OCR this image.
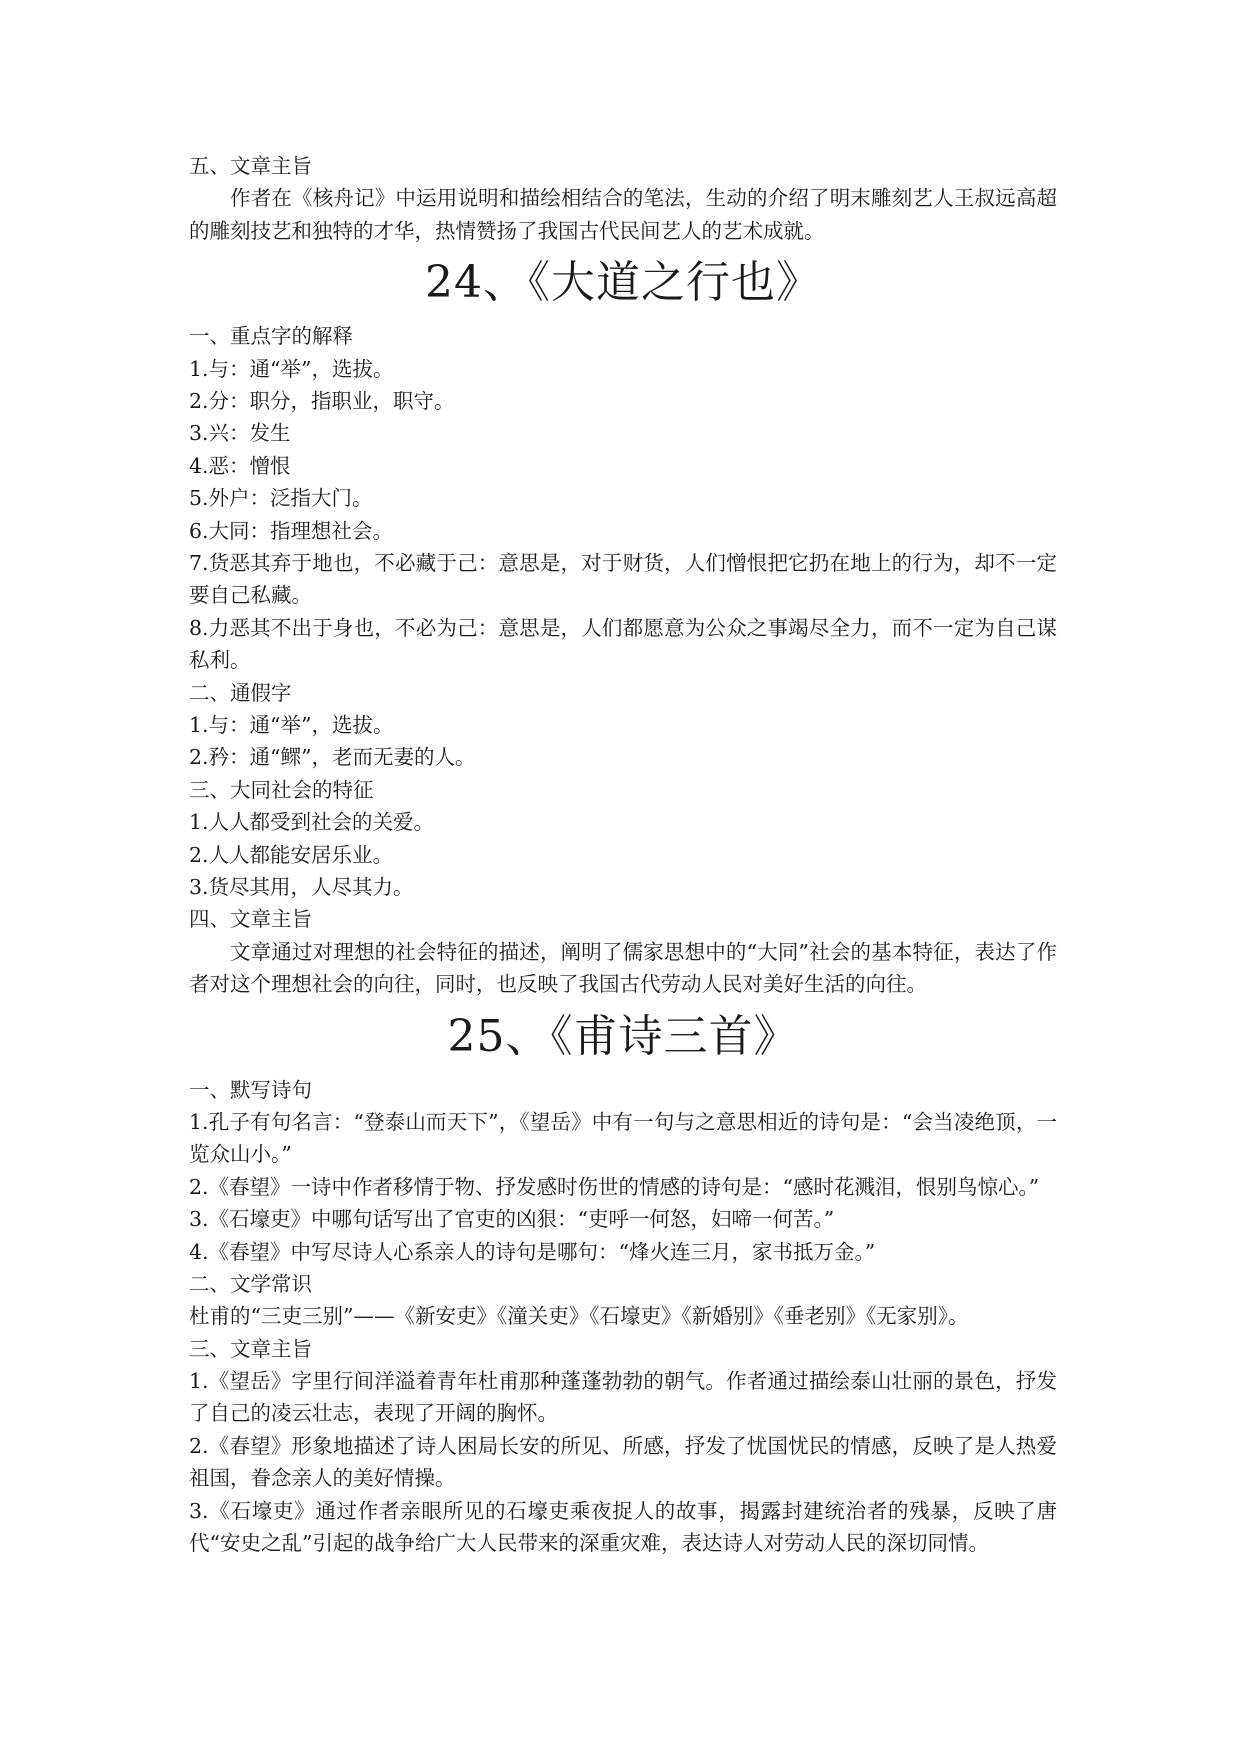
五、文章主旨
作者在《核舟记》中运用说明和描绘相结合的笔法，生动的介绍了明末雕刻艺人王叔远高超的雕刻技艺和独特的才华，热情赞扬了我国古代民间艺人的艺术成就。
24、《大道之行也》
一、重点字的解释
1.与：通“举”，选拔。
2.分：职分，指职业，职守。
3.兴：发生
4.恶：憎恨
5.外户：泛指大门。
6.大同：指理想社会。
7.货恶其弃于地也，不必藏于己：意思是，对于财货，人们憎恨把它扔在地上的行为，却不一定要自己私藏。
8.力恶其不出于身也，不必为己：意思是，人们都愿意为公众之事竭尽全力，而不一定为自己谋私利。
二、通假字
1.与：通“举”，选拔。
2.矜：通“鳏”，老而无妻的人。
三、大同社会的特征
1.人人都受到社会的关爱。
2.人人都能安居乐业。
3.货尽其用，人尽其力。
四、文章主旨
文章通过对理想的社会特征的描述，阐明了儒家思想中的“大同”社会的基本特征，表达了作者对这个理想社会的向往，同时，也反映了我国古代劳动人民对美好生活的向往。
25、《甫诗三首》
一、默写诗句
1.孔子有句名言：“登泰山而天下”，《望岳》中有一句与之意思相近的诗句是：“会当凌绝顶，一览众山小。”
2.《春望》一诗中作者移情于物、抒发感时伤世的情感的诗句是：“感时花溅泪，恨别鸟惊心。”
3.《石壕吏》中哪句话写出了官吏的凶狠：“吏呼一何怒，妇啼一何苦。”
4.《春望》中写尽诗人心系亲人的诗句是哪句：“烽火连三月，家书抵万金。”
二、文学常识
杜甫的“三吏三别”——《新安吏》《潼关吏》《石壕吏》《新婚别》《垂老别》《无家别》。
三、文章主旨
1.《望岳》字里行间洋溢着青年杜甫那种蓬蓬勃勃的朝气。作者通过描绘泰山壮丽的景色，抒发了自己的凌云壮志，表现了开阔的胸怀。
2.《春望》形象地描述了诗人困局长安的所见、所感，抒发了忧国忧民的情感，反映了是人热爱祖国，眷念亲人的美好情操。
3.《石壕吏》通过作者亲眼所见的石壕吏乘夜捉人的故事，揭露封建统治者的残暴，反映了唐代“安史之乱”引起的战争给广大人民带来的深重灾难，表达诗人对劳动人民的深切同情。
